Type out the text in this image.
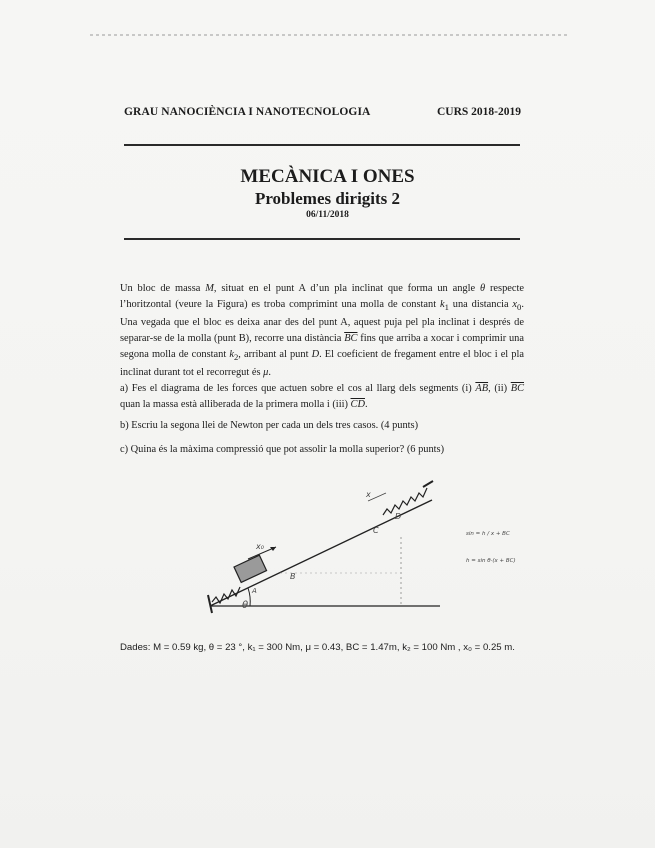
GRAU NANOCIÈNCIA I NANOTECNOLOGIA	CURS 2018-2019
MECÀNICA I ONES
Problemes dirigits 2
06/11/2018
Un bloc de massa M, situat en el punt A d’un pla inclinat que forma un angle θ respecte l’horitzontal (veure la Figura) es troba comprimint una molla de constant $k_1$ una distancia $x_0$. Una vegada que el bloc es deixa anar des del punt A, aquest puja pel pla inclinat i després de separar-se de la molla (punt B), recorre una distància $\overline{BC}$ fins que arriba a xocar i comprimir una segona molla de constant $k_2$, arribant al punt D. El coeficient de fregament entre el bloc i el pla inclinat durant tot el recorregut és μ.
a) Fes el diagrama de les forces que actuen sobre el cos al llarg dels segments (i) $\overline{AB}$, (ii) $\overline{BC}$ quan la massa està alliberada de la primera molla i (iii) $\overline{CD}$.
b) Escriu la segona llei de Newton per cada un dels tres casos. (4 punts)
c) Quina és la màxima compressió que pot assolir la molla superior? (6 punts)
x₀
A
B
C
D
x
θ
sin = h / x + BC
h = sin θ·(x + BC)
Dades: M = 0.59 kg, θ = 23 °, k₁ = 300 Nm, μ = 0.43, BC = 1.47m, k₂ = 100 Nm , x₀ = 0.25 m.
